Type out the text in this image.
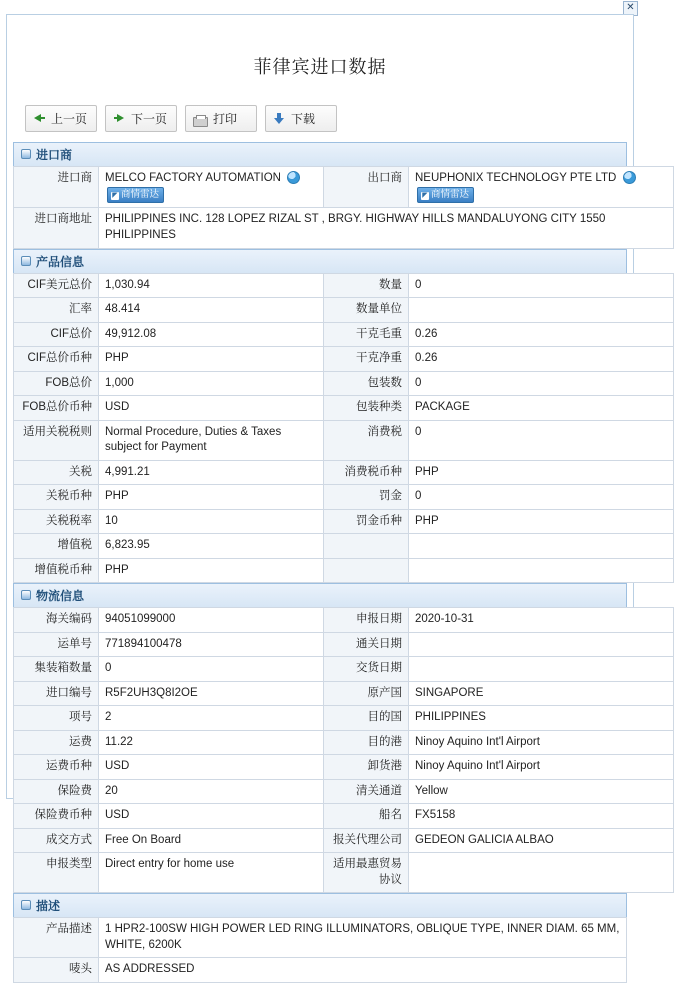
✕
菲律宾进口数据
上一页	下一页	打印	下载
进口商
进口商	MELCO FACTORY AUTOMATION  ◤ 商情雷达	出口商	NEUPHONIX TECHNOLOGY PTE LTD  ◤ 商情雷达
进口商地址	PHILIPPINES INC. 128 LOPEZ RIZAL ST , BRGY. HIGHWAY HILLS MANDALUYONG CITY 1550 PHILIPPINES		
产品信息
CIF美元总价	1,030.94	数量	0
汇率	48.414	数量单位	
CIF总价	49,912.08	干克毛重	0.26
CIF总价币种	PHP	干克净重	0.26
FOB总价	1,000	包装数	0
FOB总价币种	USD	包装种类	PACKAGE
适用关税税则	Normal Procedure, Duties & Taxes subject for Payment	消费税	0
关税	4,991.21	消费税币种	PHP
关税币种	PHP	罚金	0
关税税率	10	罚金币种	PHP
增值税	6,823.95		
增值税币种	PHP		
物流信息
海关编码	94051099000	申报日期	2020-10-31
运单号	771894100478	通关日期	
集装箱数量	0	交货日期	
进口编号	R5F2UH3Q8I2OE	原产国	SINGAPORE
项号	2	目的国	PHILIPPINES
运费	11.22	目的港	Ninoy Aquino Int'l Airport
运费币种	USD	卸货港	Ninoy Aquino Int'l Airport
保险费	20	清关通道	Yellow
保险费币种	USD	船名	FX5158
成交方式	Free On Board	报关代理公司	GEDEON GALICIA ALBAO
申报类型	Direct entry for home use	适用最惠贸易协议	
描述
产品描述	1 HPR2-100SW HIGH POWER LED RING ILLUMINATORS, OBLIQUE TYPE, INNER DIAM. 65 MM, WHITE, 6200K
唛头	AS ADDRESSED
